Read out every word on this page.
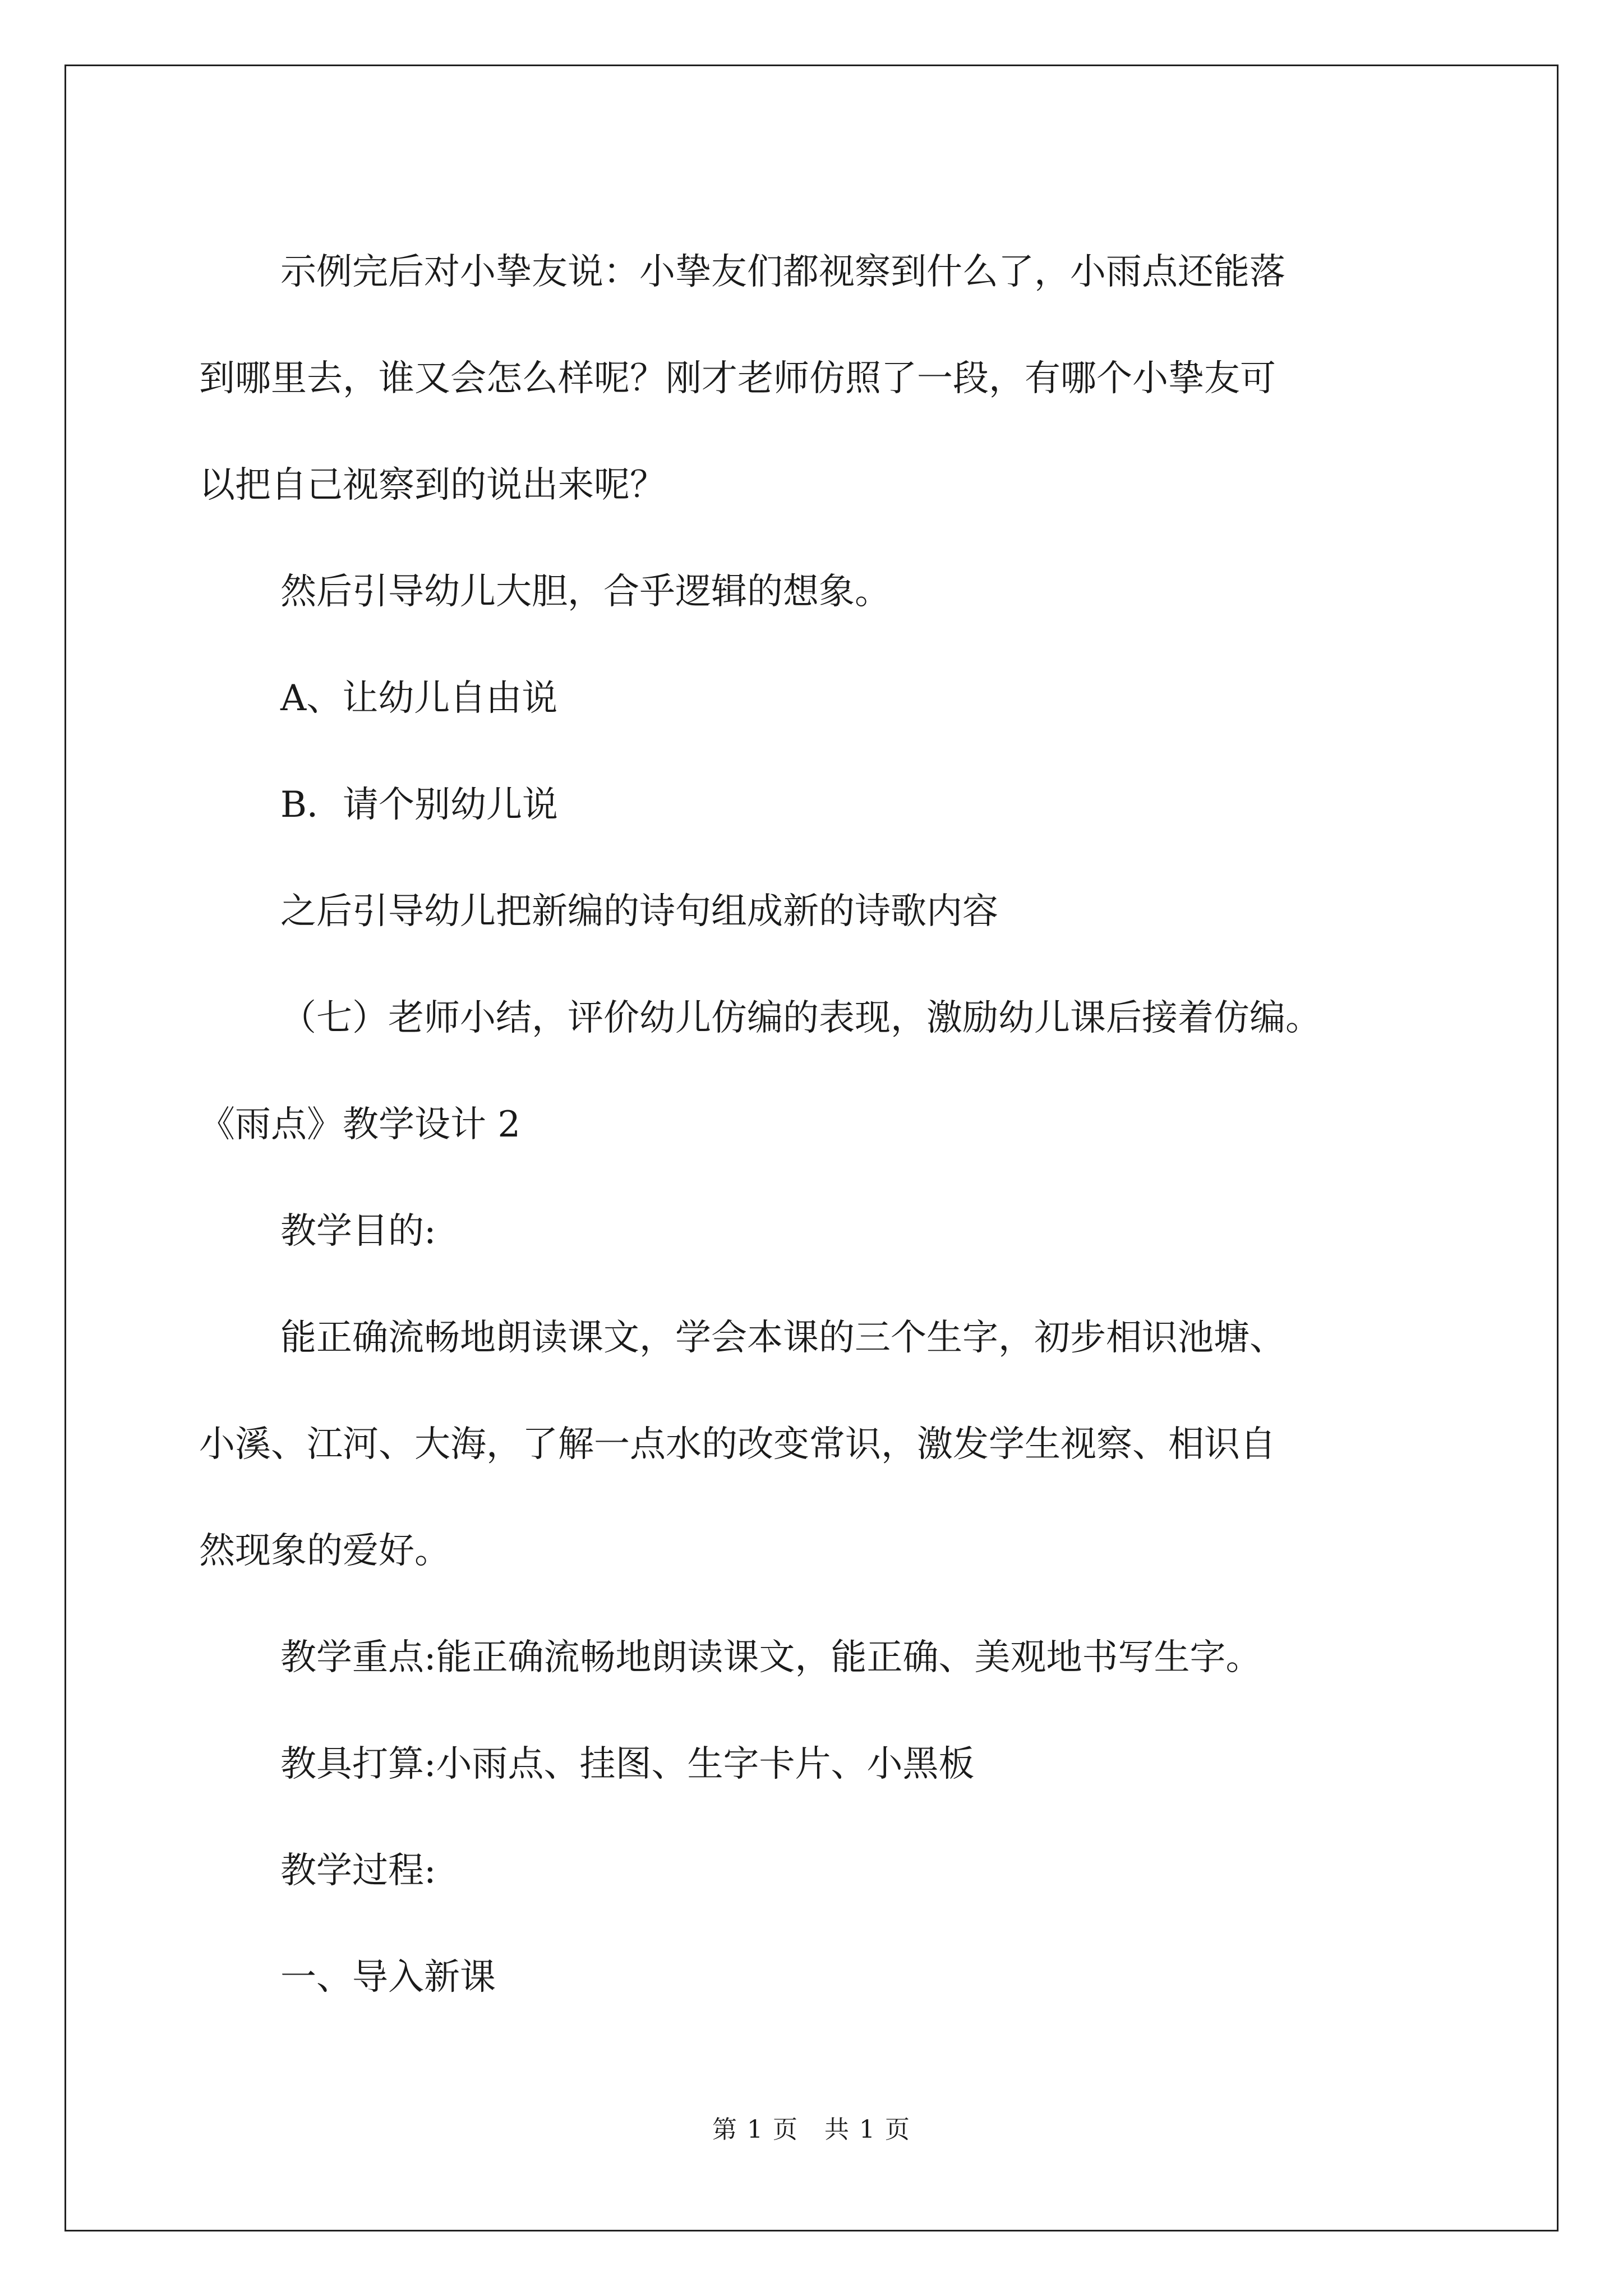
示例完后对小挚友说：小挚友们都视察到什么了，小雨点还能落

到哪里去，谁又会怎么样呢？刚才老师仿照了一段，有哪个小挚友可

以把自己视察到的说出来呢？

然后引导幼儿大胆，合乎逻辑的想象。

A、让幼儿自由说

B．请个别幼儿说

之后引导幼儿把新编的诗句组成新的诗歌内容

（七）老师小结，评价幼儿仿编的表现，激励幼儿课后接着仿编。

《雨点》教学设计 2

教学目的:

能正确流畅地朗读课文，学会本课的三个生字，初步相识池塘、

小溪、江河、大海，了解一点水的改变常识，激发学生视察、相识自

然现象的爱好。

教学重点:能正确流畅地朗读课文，能正确、美观地书写生字。

教具打算:小雨点、挂图、生字卡片、小黑板

教学过程:

一、导入新课

第 1 页　共 1 页
